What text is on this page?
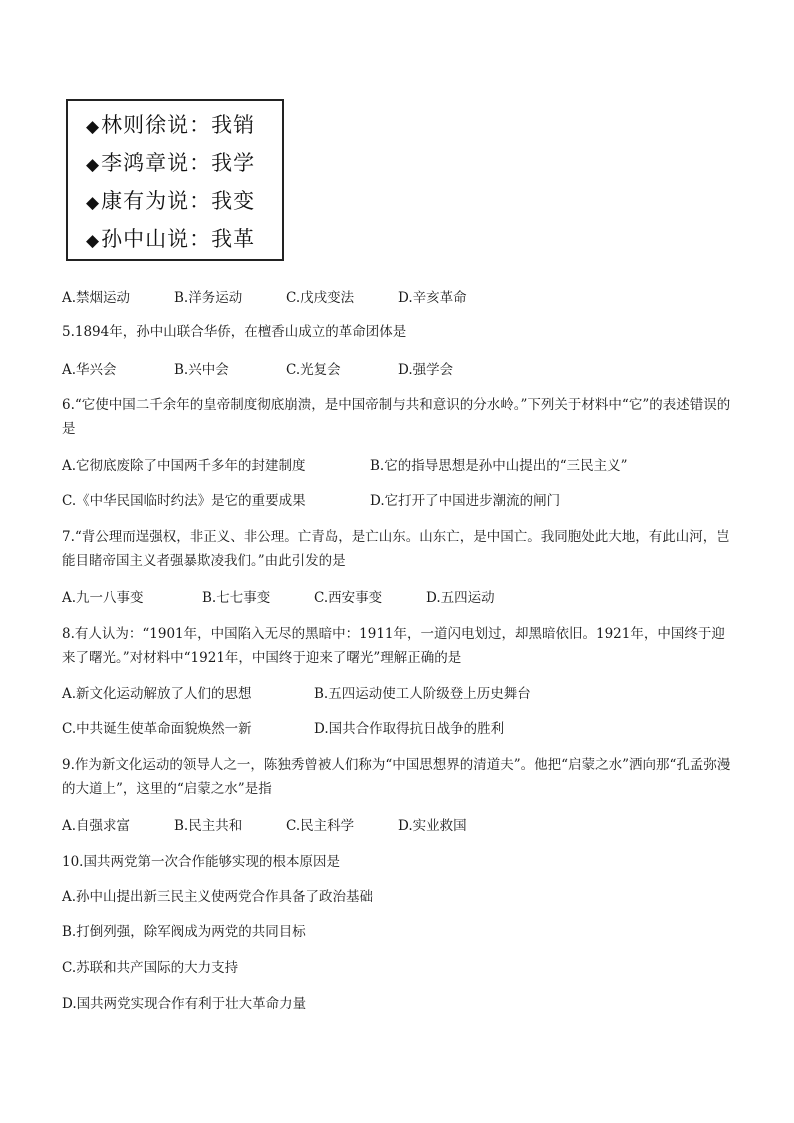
◆林则徐说：我销
◆李鸿章说：我学
◆康有为说：我变
◆孙中山说：我革
A.禁烟运动	B.洋务运动	C.戊戌变法	D.辛亥革命
5.1894年，孙中山联合华侨，在檀香山成立的革命团体是
A.华兴会	B.兴中会	C.光复会	D.强学会
6.“它使中国二千余年的皇帝制度彻底崩溃，是中国帝制与共和意识的分水岭。”下列关于材料中“它”的表述错误的是
A.它彻底废除了中国两千多年的封建制度	B.它的指导思想是孙中山提出的“三民主义”
C.《中华民国临时约法》是它的重要成果	D.它打开了中国进步潮流的闸门
7.“背公理而逞强权，非正义、非公理。亡青岛，是亡山东。山东亡，是中国亡。我同胞处此大地，有此山河，岂能目睹帝国主义者强暴欺凌我们。”由此引发的是
A.九一八事变	B.七七事变	C.西安事变	D.五四运动
8.有人认为：“1901年，中国陷入无尽的黑暗中：1911年，一道闪电划过，却黑暗依旧。1921年，中国终于迎来了曙光。”对材料中“1921年，中国终于迎来了曙光”理解正确的是
A.新文化运动解放了人们的思想	B.五四运动使工人阶级登上历史舞台
C.中共诞生使革命面貌焕然一新	D.国共合作取得抗日战争的胜利
9.作为新文化运动的领导人之一，陈独秀曾被人们称为“中国思想界的清道夫”。他把“启蒙之水”洒向那“孔孟弥漫的大道上”，这里的“启蒙之水”是指
A.自强求富	B.民主共和	C.民主科学	D.实业救国
10.国共两党第一次合作能够实现的根本原因是
A.孙中山提出新三民主义使两党合作具备了政治基础
B.打倒列强，除军阀成为两党的共同目标
C.苏联和共产国际的大力支持
D.国共两党实现合作有利于壮大革命力量
